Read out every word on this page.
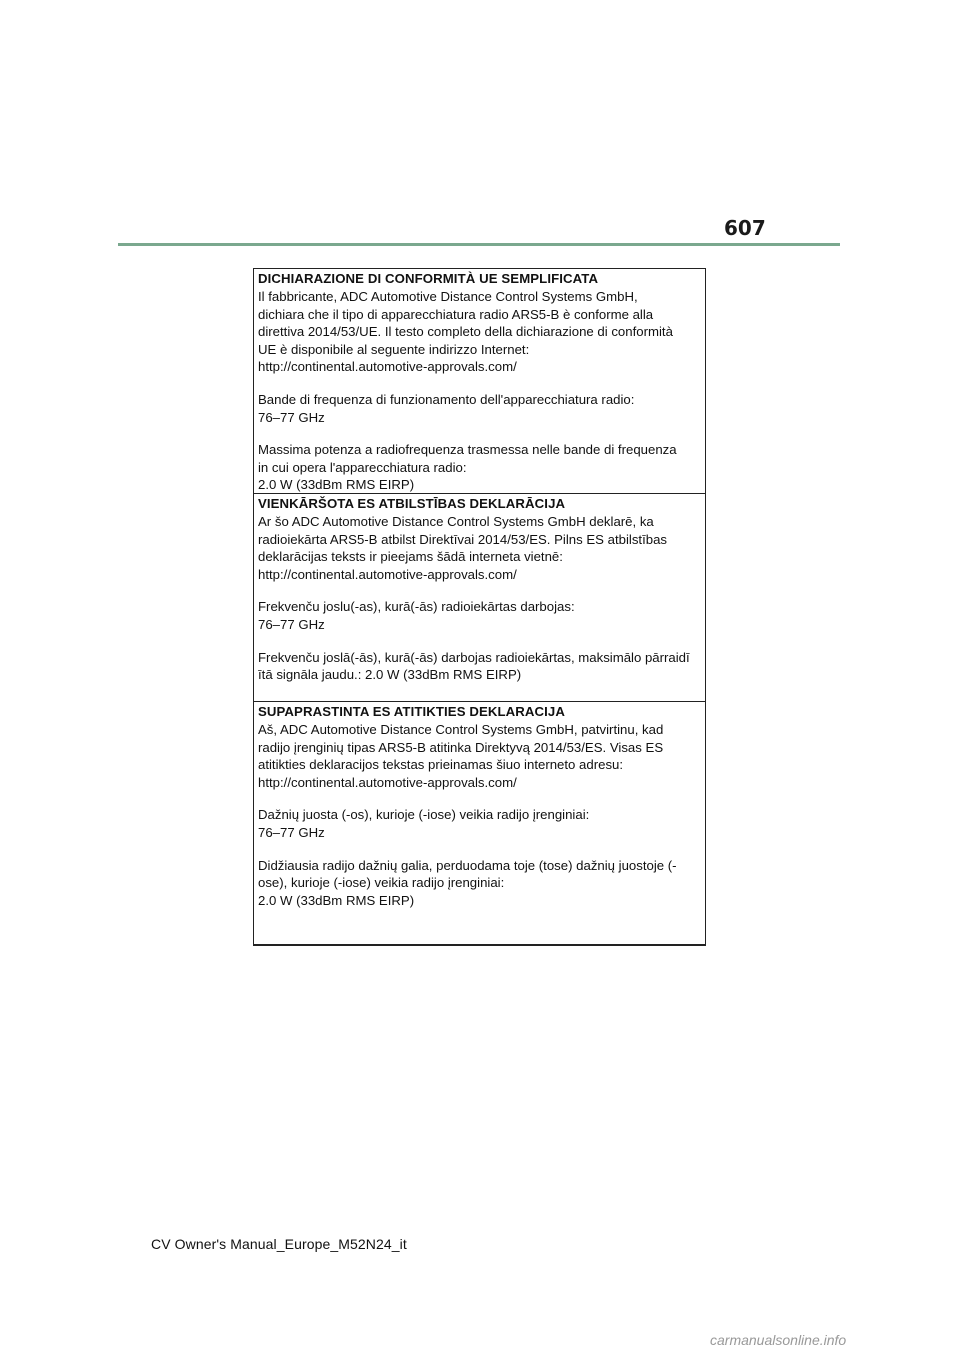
607
DICHIARAZIONE DI CONFORMITÀ UE SEMPLIFICATA
Il fabbricante, ADC Automotive Distance Control Systems GmbH,
dichiara che il tipo di apparecchiatura radio ARS5-B è conforme alla
direttiva 2014/53/UE. Il testo completo della dichiarazione di conformità
UE è disponibile al seguente indirizzo Internet:
http://continental.automotive-approvals.com/
Bande di frequenza di funzionamento dell'apparecchiatura radio:
76–77 GHz
Massima potenza a radiofrequenza trasmessa nelle bande di frequenza
in cui opera l'apparecchiatura radio:
2.0 W (33dBm RMS EIRP)
VIENKĀRŠOTA ES ATBILSTĪBAS DEKLARĀCIJA
Ar šo ADC Automotive Distance Control Systems GmbH deklarē, ka
radioiekārta ARS5-B atbilst Direktīvai 2014/53/ES. Pilns ES atbilstības
deklarācijas teksts ir pieejams šādā interneta vietnē:
http://continental.automotive-approvals.com/
Frekvenču joslu(-as), kurā(-ās) radioiekārtas darbojas:
76–77 GHz
Frekvenču joslā(-ās), kurā(-ās) darbojas radioiekārtas, maksimālo pārraidī
ītā signāla jaudu.: 2.0 W (33dBm RMS EIRP)
SUPAPRASTINTA ES ATITIKTIES DEKLARACIJA
Aš, ADC Automotive Distance Control Systems GmbH, patvirtinu, kad
radijo įrenginių tipas ARS5-B atitinka Direktyvą 2014/53/ES. Visas ES
atitikties deklaracijos tekstas prieinamas šiuo interneto adresu:
http://continental.automotive-approvals.com/
Dažnių juosta (-os), kurioje (-iose) veikia radijo įrenginiai:
76–77 GHz
Didžiausia radijo dažnių galia, perduodama toje (tose) dažnių juostoje (-
ose), kurioje (-iose) veikia radijo įrenginiai:
2.0 W (33dBm RMS EIRP)
CV Owner's Manual_Europe_M52N24_it
carmanualsonline.info
